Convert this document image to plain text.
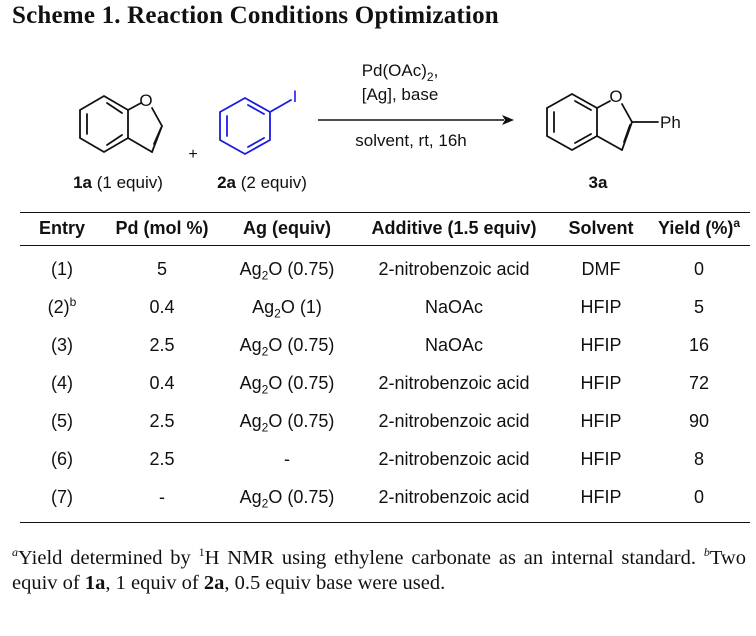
Scheme 1. Reaction Conditions Optimization
O
+
I
$Pd(OAc)_2$,
[Ag], base
solvent, rt, 16h
O
Ph
1a (1 equiv)	2a (2 equiv)	3a
Entry	Pd (mol %)	Ag (equiv)	Additive (1.5 equiv)	Solvent	Yield (%)$^a$
(1)	5	$Ag_2O$ (0.75)	2-nitrobenzoic acid	DMF	0
$(2)^b$	0.4	$Ag_2O$ (1)	NaOAc	HFIP	5
(3)	2.5	$Ag_2O$ (0.75)	NaOAc	HFIP	16
(4)	0.4	$Ag_2O$ (0.75)	2-nitrobenzoic acid	HFIP	72
(5)	2.5	$Ag_2O$ (0.75)	2-nitrobenzoic acid	HFIP	90
(6)	2.5	-	2-nitrobenzoic acid	HFIP	8
(7)	-	$Ag_2O$ (0.75)	2-nitrobenzoic acid	HFIP	0
$^a$Yield determined by $^1$H NMR using ethylene carbonate as an internal standard. $^b$Two equiv of 1a, 1 equiv of 2a, 0.5 equiv base were used.
